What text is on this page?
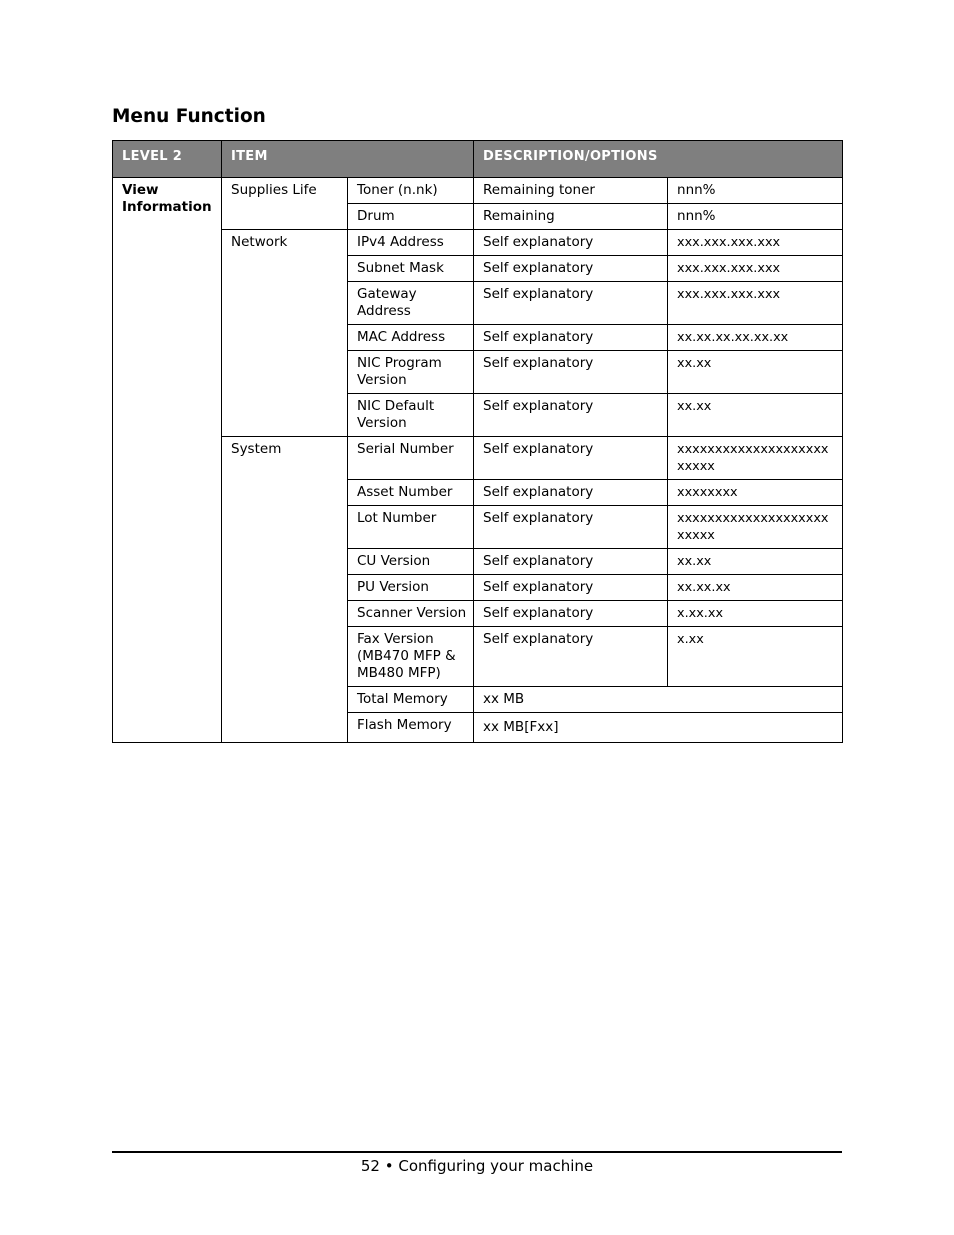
Menu Function
LEVEL 2	ITEM		DESCRIPTION/OPTIONS	
View Information	Supplies Life	Toner (n.nk)	Remaining toner	nnn%
		Drum	Remaining	nnn%
	Network	IPv4 Address	Self explanatory	xxx.xxx.xxx.xxx
		Subnet Mask	Self explanatory	xxx.xxx.xxx.xxx
		Gateway Address	Self explanatory	xxx.xxx.xxx.xxx
		MAC Address	Self explanatory	xx.xx.xx.xx.xx.xx
		NIC Program Version	Self explanatory	xx.xx
		NIC Default Version	Self explanatory	xx.xx
	System	Serial Number	Self explanatory	xxxxxxxxxxxxxxxxxxxxxxxxx
		Asset Number	Self explanatory	xxxxxxxx
		Lot Number	Self explanatory	xxxxxxxxxxxxxxxxxxxxxxxxx
		CU Version	Self explanatory	xx.xx
		PU Version	Self explanatory	xx.xx.xx
		Scanner Version	Self explanatory	x.xx.xx
		Fax Version (MB470 MFP & MB480 MFP)	Self explanatory	x.xx
		Total Memory	xx MB	
		Flash Memory	xx MB[Fxx]	
52 • Configuring your machine
